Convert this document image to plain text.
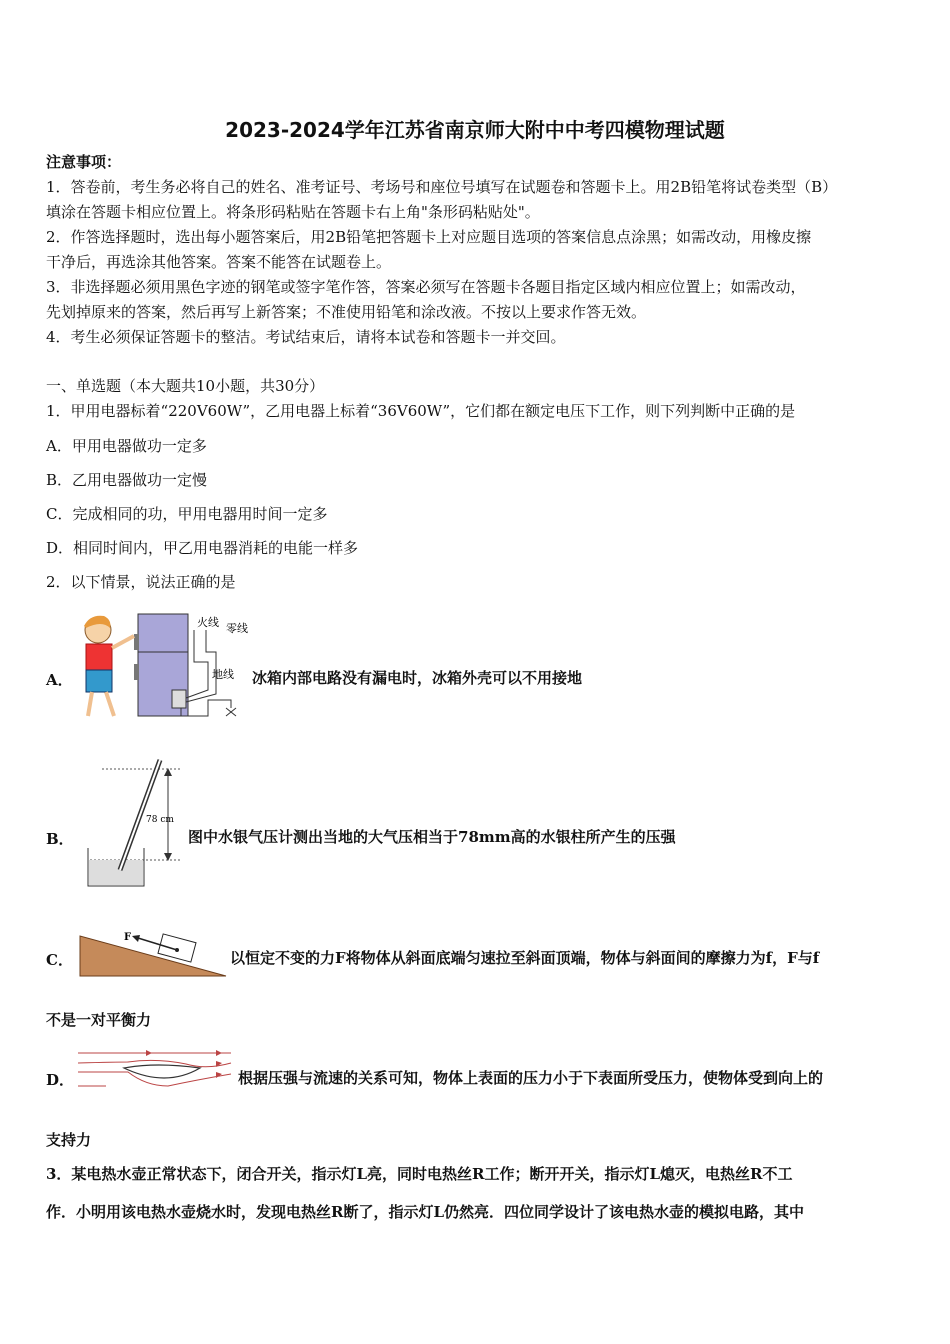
2023-2024学年江苏省南京师大附中中考四模物理试题
注意事项：
1．答卷前，考生务必将自己的姓名、准考证号、考场号和座位号填写在试题卷和答题卡上。用2B铅笔将试卷类型（B）
填涂在答题卡相应位置上。将条形码粘贴在答题卡右上角"条形码粘贴处"。
2．作答选择题时，选出每小题答案后，用2B铅笔把答题卡上对应题目选项的答案信息点涂黑；如需改动，用橡皮擦
干净后，再选涂其他答案。答案不能答在试题卷上。
3．非选择题必须用黑色字迹的钢笔或签字笔作答，答案必须写在答题卡各题目指定区域内相应位置上；如需改动，
先划掉原来的答案，然后再写上新答案；不准使用铅笔和涂改液。不按以上要求作答无效。
4．考生必须保证答题卡的整洁。考试结束后，请将本试卷和答题卡一并交回。
一、单选题（本大题共10小题，共30分）
1．甲用电器标着“220V60W”，乙用电器上标着“36V60W”，它们都在额定电压下工作，则下列判断中正确的是
A．甲用电器做功一定多
B．乙用电器做功一定慢
C．完成相同的功，甲用电器用时间一定多
D．相同时间内，甲乙用电器消耗的电能一样多
2．以下情景，说法正确的是
A．
火线 零线
地线 冰箱内部电路没有漏电时，冰箱外壳可以不用接地
B．
78 cm
图中水银气压计测出当地的大气压相当于78mm高的水银柱所产生的压强
C．
F
以恒定不变的力F将物体从斜面底端匀速拉至斜面顶端，物体与斜面间的摩擦力为f，F与f
不是一对平衡力
D．	根据压强与流速的关系可知，物体上表面的压力小于下表面所受压力，使物体受到向上的
支持力
3．某电热水壶正常状态下，闭合开关，指示灯L亮，同时电热丝R工作；断开开关，指示灯L熄灭，电热丝R不工
作．小明用该电热水壶烧水时，发现电热丝R断了，指示灯L仍然亮．四位同学设计了该电热水壶的模拟电路，其中
